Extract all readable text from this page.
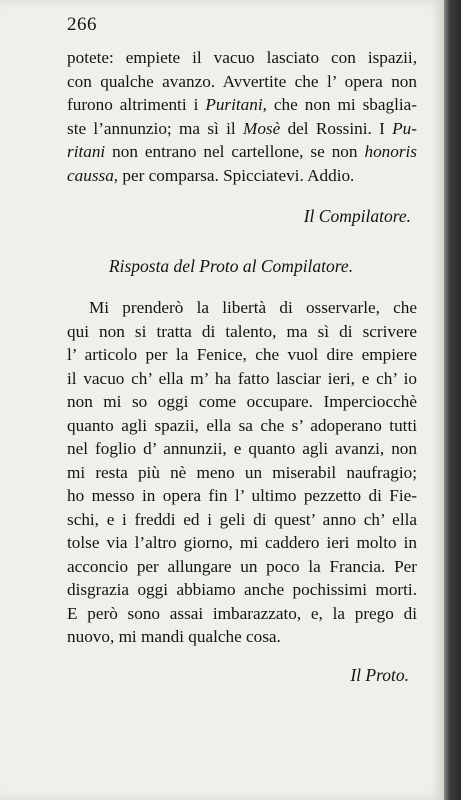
266
potete: empiete il vacuo lasciato con ispazii,
con qualche avanzo. Avvertite che l’ opera non
furono altrimenti i Puritani, che non mi sbaglia-
ste l’annunzio; ma sì il Mosè del Rossini. I Pu-
ritani non entrano nel cartellone, se non honoris
caussa, per comparsa. Spicciatevi. Addio.
Il Compilatore.
Risposta del Proto al Compilatore.
Mi prenderò la libertà di osservarle, che
qui non si tratta di talento, ma sì di scrivere
l’ articolo per la Fenice, che vuol dire empiere
il vacuo ch’ ella m’ ha fatto lasciar ieri, e ch’ io
non mi so oggi come occupare. Imperciocchè
quanto agli spazii, ella sa che s’ adoperano tutti
nel foglio d’ annunzii, e quanto agli avanzi, non
mi resta più nè meno un miserabil naufragio;
ho messo in opera fin l’ ultimo pezzetto di Fie-
schi, e i freddi ed i geli di quest’ anno ch’ ella
tolse via l’altro giorno, mi caddero ieri molto in
acconcio per allungare un poco la Francia. Per
disgrazia oggi abbiamo anche pochissimi morti.
E però sono assai imbarazzato, e, la prego di
nuovo, mi mandi qualche cosa.
Il Proto.
